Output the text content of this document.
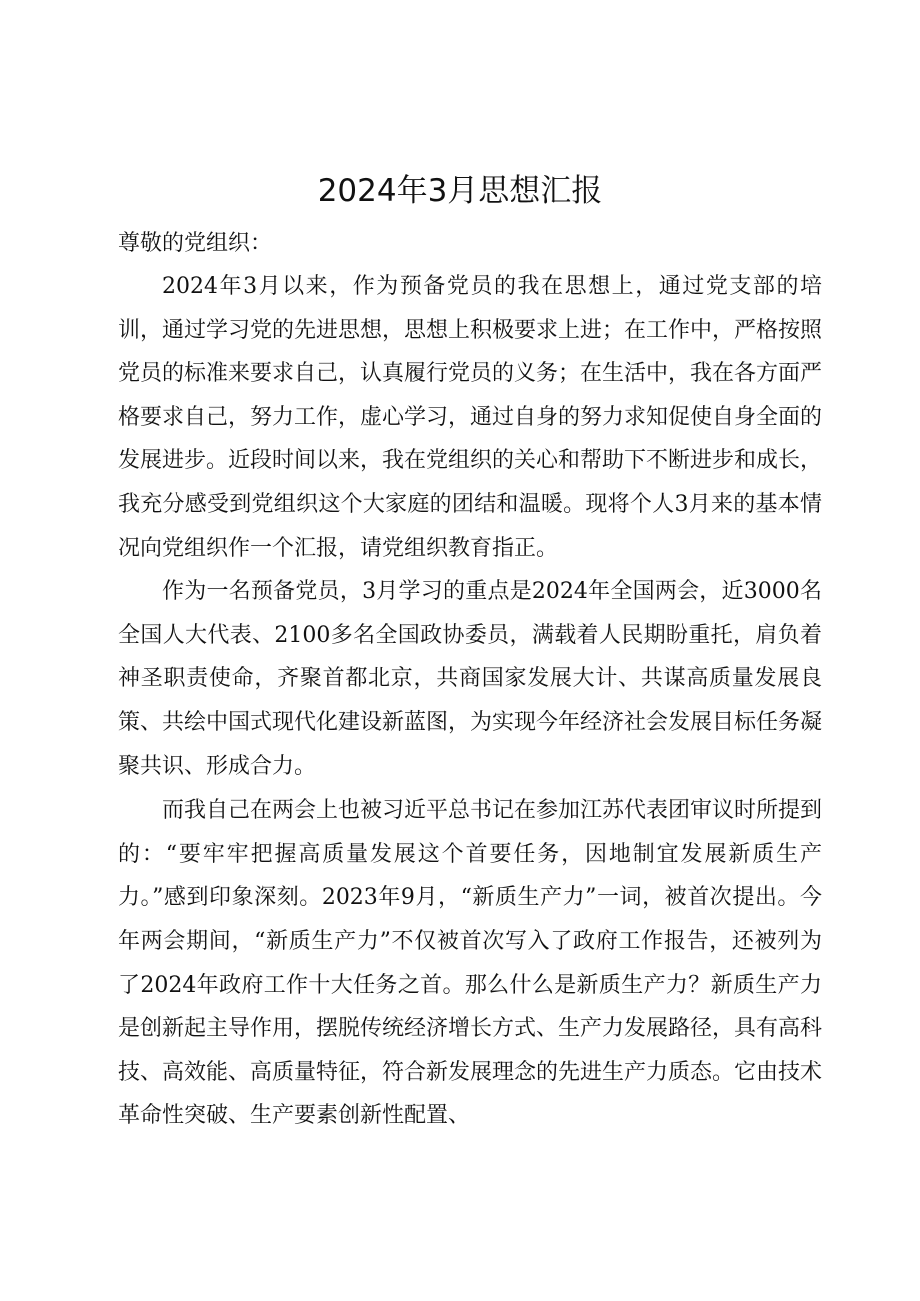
2024年3月思想汇报

尊敬的党组织：

2024年3月以来，作为预备党员的我在思想上，通过党支部的培训，通过学习党的先进思想，思想上积极要求上进；在工作中，严格按照党员的标准来要求自己，认真履行党员的义务；在生活中，我在各方面严格要求自己，努力工作，虚心学习，通过自身的努力求知促使自身全面的发展进步。近段时间以来，我在党组织的关心和帮助下不断进步和成长，我充分感受到党组织这个大家庭的团结和温暖。现将个人3月来的基本情况向党组织作一个汇报，请党组织教育指正。

作为一名预备党员，3月学习的重点是2024年全国两会，近3000名全国人大代表、2100多名全国政协委员，满载着人民期盼重托，肩负着神圣职责使命，齐聚首都北京，共商国家发展大计、共谋高质量发展良策、共绘中国式现代化建设新蓝图，为实现今年经济社会发展目标任务凝聚共识、形成合力。

而我自己在两会上也被习近平总书记在参加江苏代表团审议时所提到的：“要牢牢把握高质量发展这个首要任务，因地制宜发展新质生产力。”感到印象深刻。2023年9月，“新质生产力”一词，被首次提出。今年两会期间，“新质生产力”不仅被首次写入了政府工作报告，还被列为了2024年政府工作十大任务之首。那么什么是新质生产力？新质生产力是创新起主导作用，摆脱传统经济增长方式、生产力发展路径，具有高科技、高效能、高质量特征，符合新发展理念的先进生产力质态。它由技术革命性突破、生产要素创新性配置、
